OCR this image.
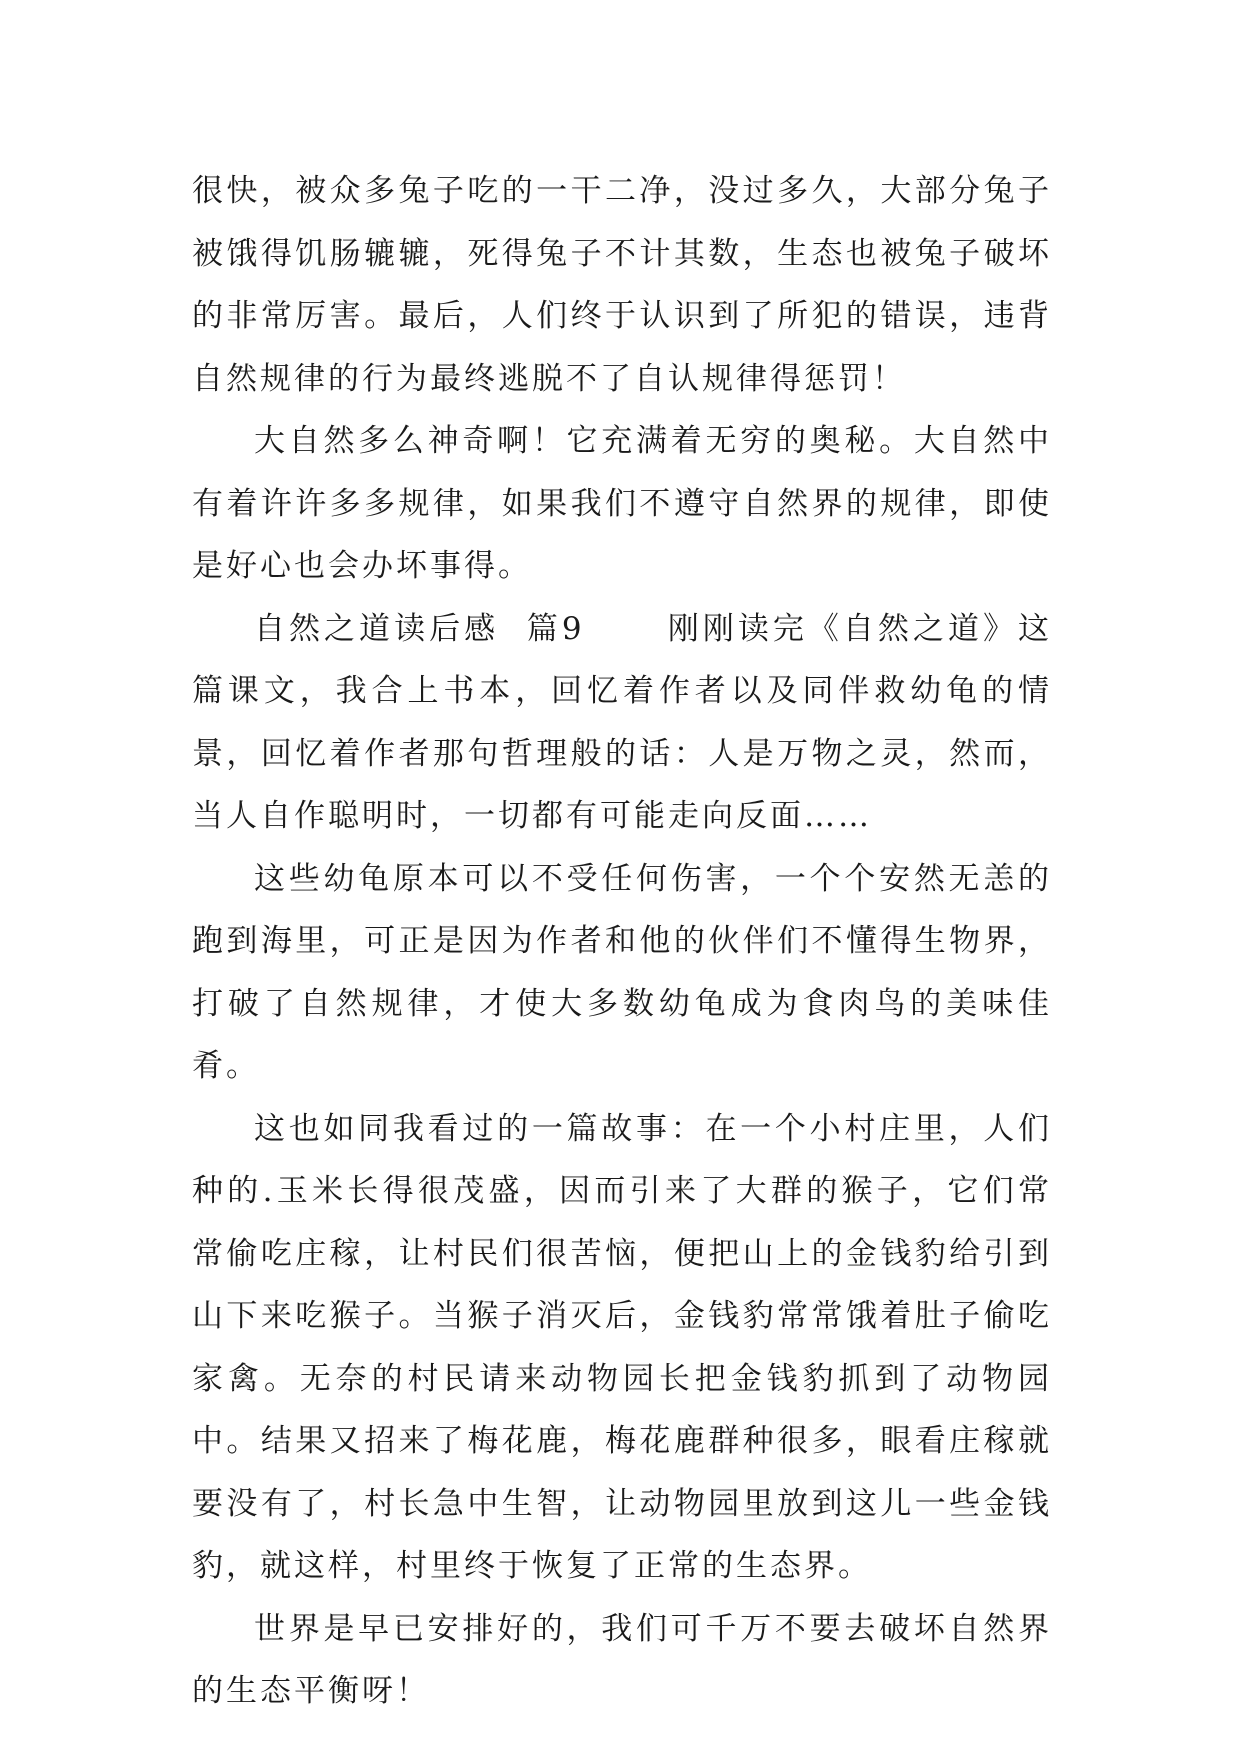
很快，被众多兔子吃的一干二净，没过多久，大部分兔子被饿得饥肠辘辘，死得兔子不计其数，生态也被兔子破坏的非常厉害。最后，人们终于认识到了所犯的错误，违背自然规律的行为最终逃脱不了自认规律得惩罚！

大自然多么神奇啊！它充满着无穷的奥秘。大自然中有着许许多多规律，如果我们不遵守自然界的规律，即使是好心也会办坏事得。

自然之道读后感  篇9      刚刚读完《自然之道》这篇课文，我合上书本，回忆着作者以及同伴救幼龟的情景，回忆着作者那句哲理般的话：人是万物之灵，然而，当人自作聪明时，一切都有可能走向反面……

这些幼龟原本可以不受任何伤害，一个个安然无恙的跑到海里，可正是因为作者和他的伙伴们不懂得生物界，打破了自然规律，才使大多数幼龟成为食肉鸟的美味佳肴。

这也如同我看过的一篇故事：在一个小村庄里，人们种的.玉米长得很茂盛，因而引来了大群的猴子，它们常常偷吃庄稼，让村民们很苦恼，便把山上的金钱豹给引到山下来吃猴子。当猴子消灭后，金钱豹常常饿着肚子偷吃家禽。无奈的村民请来动物园长把金钱豹抓到了动物园中。结果又招来了梅花鹿，梅花鹿群种很多，眼看庄稼就要没有了，村长急中生智，让动物园里放到这儿一些金钱豹，就这样，村里终于恢复了正常的生态界。

世界是早已安排好的，我们可千万不要去破坏自然界的生态平衡呀！
